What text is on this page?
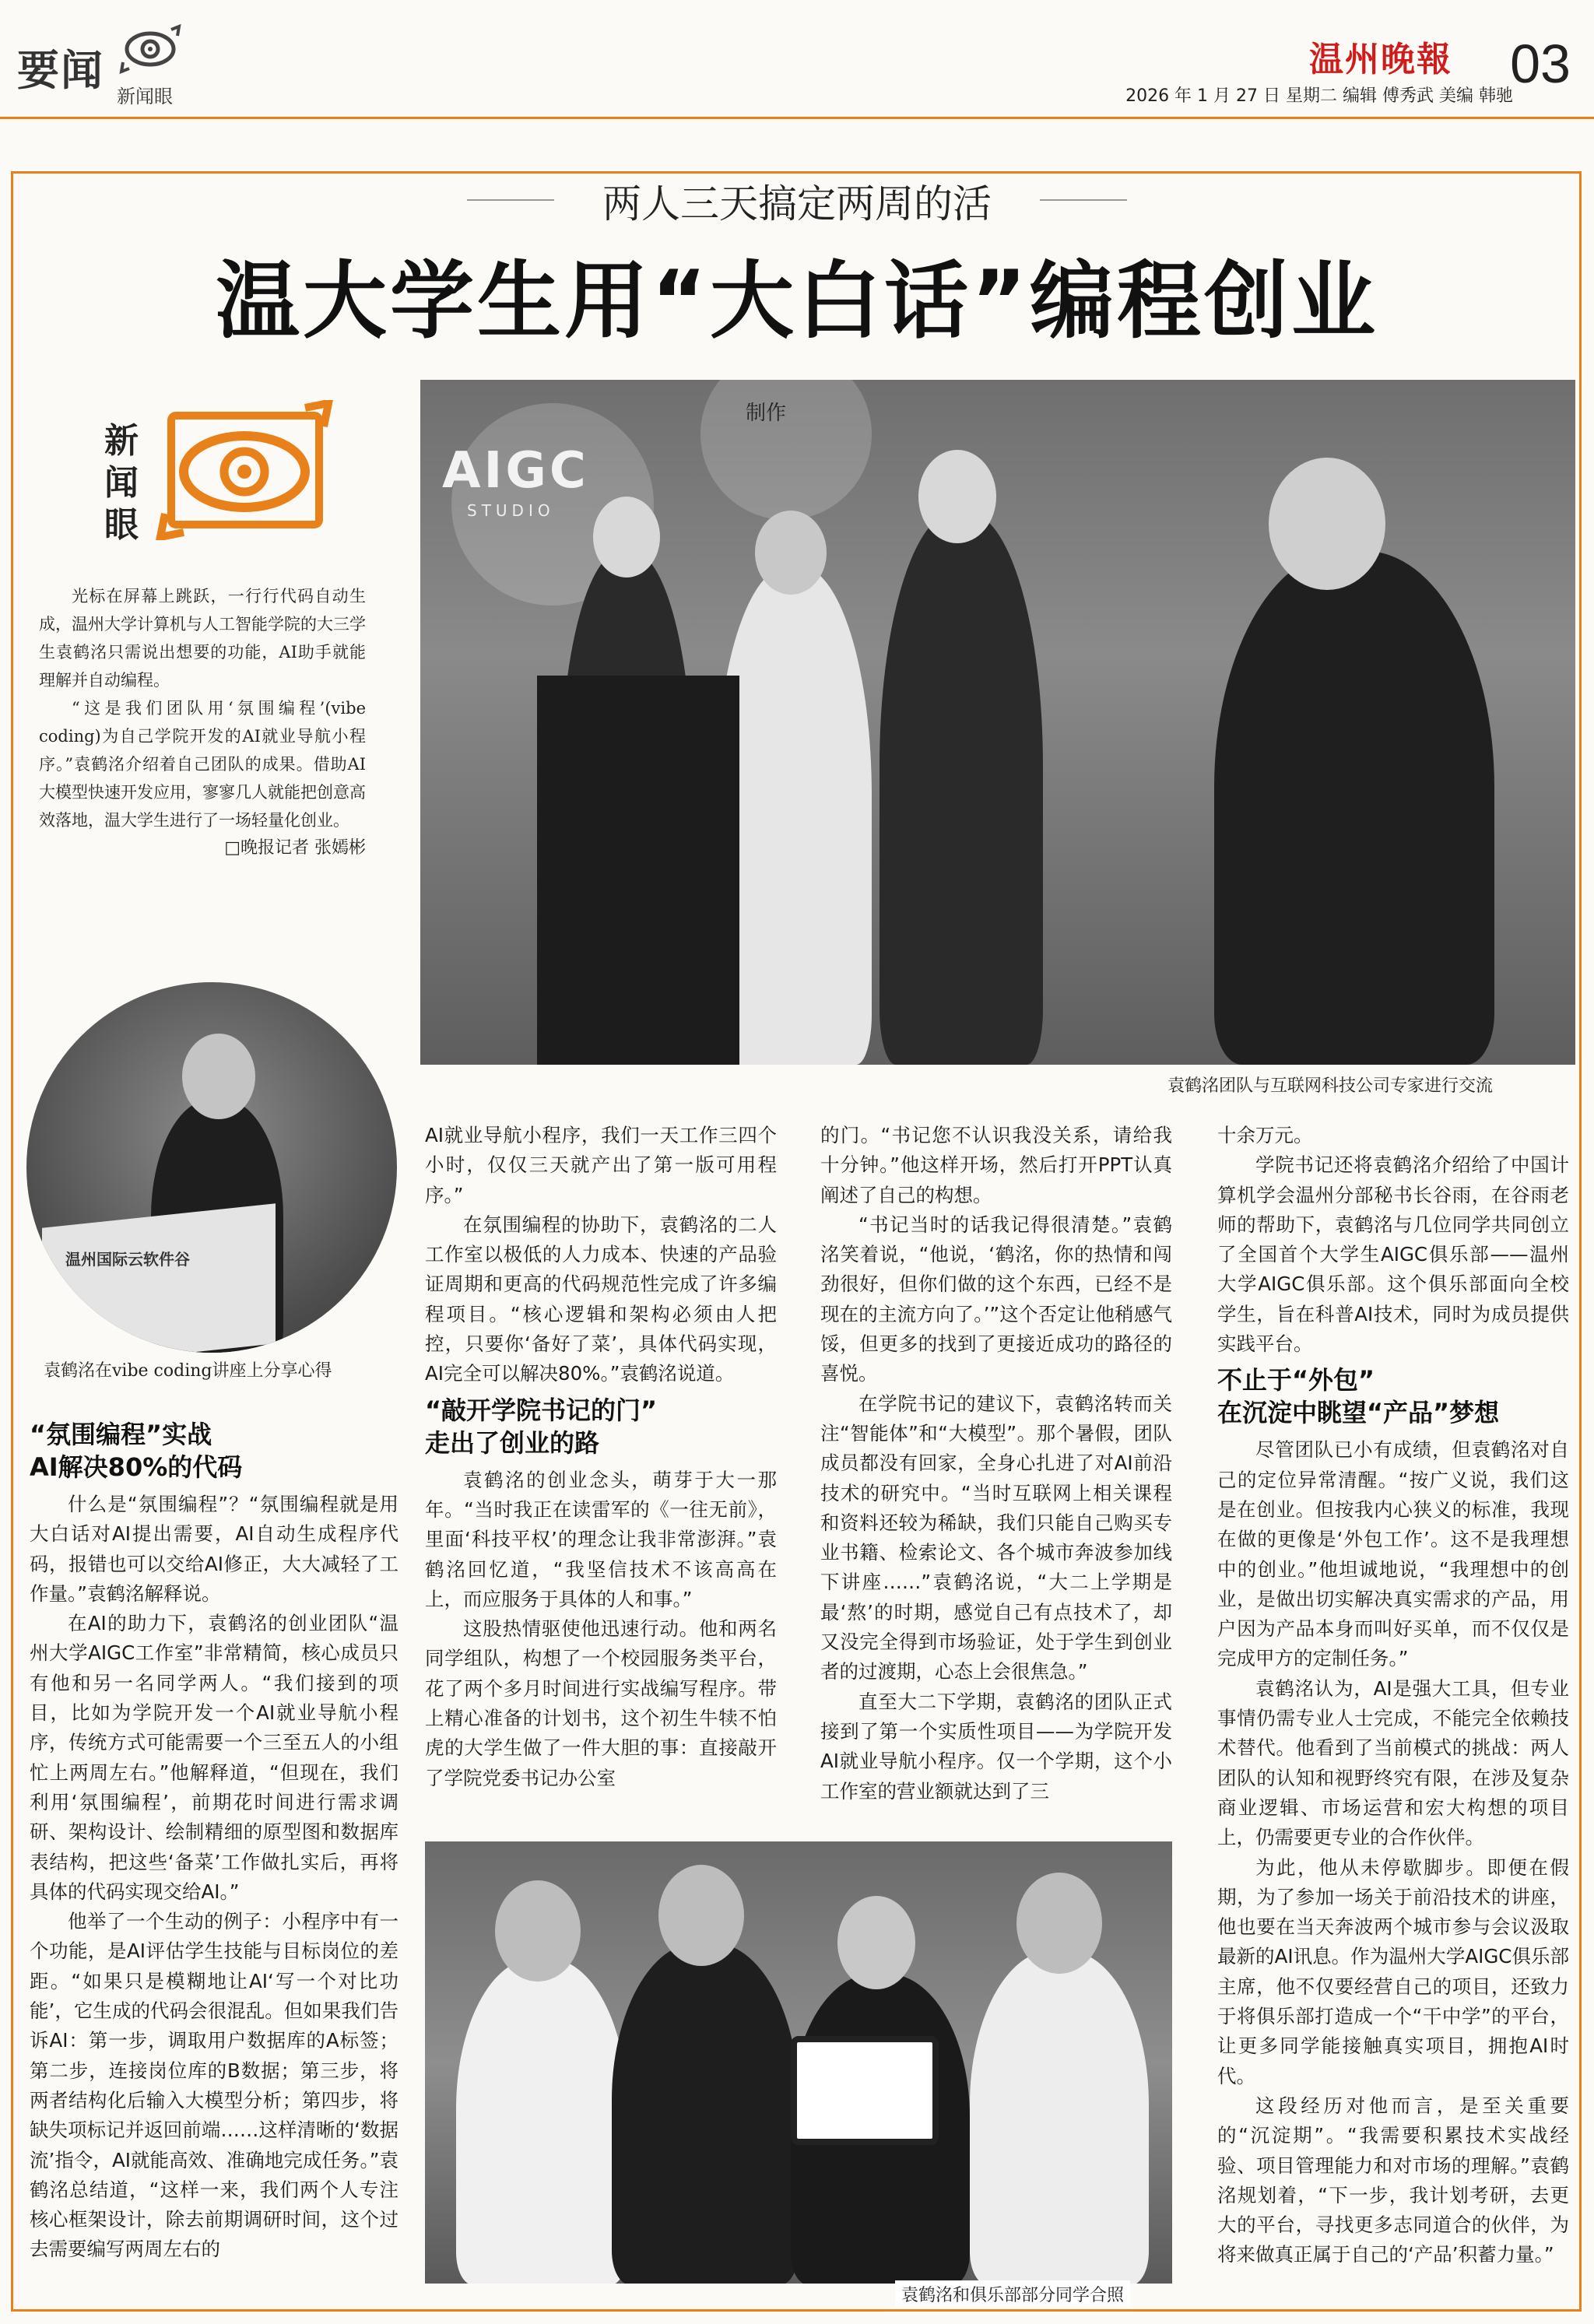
要闻
新闻眼
温州晚報 03
2026 年 1 月 27 日 星期二 编辑 傅秀武 美编 韩驰
两人三天搞定两周的活
温大学生用“大白话”编程创业
新
闻
眼

光标在屏幕上跳跃，一行行代码自动生成，温州大学计算机与人工智能学院的大三学生袁鹤洺只需说出想要的功能，AI助手就能理解并自动编程。

“这是我们团队用‘氛围编程’(vibe coding)为自己学院开发的AI就业导航小程序。”袁鹤洺介绍着自己团队的成果。借助AI大模型快速开发应用，寥寥几人就能把创意高效落地，温大学生进行了一场轻量化创业。

□晚报记者 张嫣彬
AIGC
STUDIO
制作
袁鹤洺团队与互联网科技公司专家进行交流
温州国际云软件谷
袁鹤洺在vibe coding讲座上分享心得
袁鹤洺和俱乐部部分同学合照
“氛围编程”实战
AI解决80%的代码

什么是“氛围编程”？“氛围编程就是用大白话对AI提出需要，AI自动生成程序代码，报错也可以交给AI修正，大大减轻了工作量。”袁鹤洺解释说。

在AI的助力下，袁鹤洺的创业团队“温州大学AIGC工作室”非常精简，核心成员只有他和另一名同学两人。“我们接到的项目，比如为学院开发一个AI就业导航小程序，传统方式可能需要一个三至五人的小组忙上两周左右。”他解释道，“但现在，我们利用‘氛围编程’，前期花时间进行需求调研、架构设计、绘制精细的原型图和数据库表结构，把这些‘备菜’工作做扎实后，再将具体的代码实现交给AI。”

他举了一个生动的例子：小程序中有一个功能，是AI评估学生技能与目标岗位的差距。“如果只是模糊地让AI‘写一个对比功能’，它生成的代码会很混乱。但如果我们告诉AI：第一步，调取用户数据库的A标签；第二步，连接岗位库的B数据；第三步，将两者结构化后输入大模型分析；第四步，将缺失项标记并返回前端……这样清晰的‘数据流’指令，AI就能高效、准确地完成任务。”袁鹤洺总结道，“这样一来，我们两个人专注核心框架设计，除去前期调研时间，这个过去需要编写两周左右的

AI就业导航小程序，我们一天工作三四个小时，仅仅三天就产出了第一版可用程序。”

在氛围编程的协助下，袁鹤洺的二人工作室以极低的人力成本、快速的产品验证周期和更高的代码规范性完成了许多编程项目。“核心逻辑和架构必须由人把控，只要你‘备好了菜’，具体代码实现，AI完全可以解决80%。”袁鹤洺说道。

“敲开学院书记的门”
走出了创业的路

袁鹤洺的创业念头，萌芽于大一那年。“当时我正在读雷军的《一往无前》，里面‘科技平权’的理念让我非常澎湃。”袁鹤洺回忆道，“我坚信技术不该高高在上，而应服务于具体的人和事。”

这股热情驱使他迅速行动。他和两名同学组队，构想了一个校园服务类平台，花了两个多月时间进行实战编写程序。带上精心准备的计划书，这个初生牛犊不怕虎的大学生做了一件大胆的事：直接敲开了学院党委书记办公室

的门。“书记您不认识我没关系，请给我十分钟。”他这样开场，然后打开PPT认真阐述了自己的构想。

“书记当时的话我记得很清楚。”袁鹤洺笑着说，“他说，‘鹤洺，你的热情和闯劲很好，但你们做的这个东西，已经不是现在的主流方向了。’”这个否定让他稍感气馁，但更多的找到了更接近成功的路径的喜悦。

在学院书记的建议下，袁鹤洺转而关注“智能体”和“大模型”。那个暑假，团队成员都没有回家，全身心扎进了对AI前沿技术的研究中。“当时互联网上相关课程和资料还较为稀缺，我们只能自己购买专业书籍、检索论文、各个城市奔波参加线下讲座……”袁鹤洺说，“大二上学期是最‘熬’的时期，感觉自己有点技术了，却又没完全得到市场验证，处于学生到创业者的过渡期，心态上会很焦急。”

直至大二下学期，袁鹤洺的团队正式接到了第一个实质性项目——为学院开发AI就业导航小程序。仅一个学期，这个小工作室的营业额就达到了三

十余万元。

学院书记还将袁鹤洺介绍给了中国计算机学会温州分部秘书长谷雨，在谷雨老师的帮助下，袁鹤洺与几位同学共同创立了全国首个大学生AIGC俱乐部——温州大学AIGC俱乐部。这个俱乐部面向全校学生，旨在科普AI技术，同时为成员提供实践平台。

不止于“外包”
在沉淀中眺望“产品”梦想

尽管团队已小有成绩，但袁鹤洺对自己的定位异常清醒。“按广义说，我们这是在创业。但按我内心狭义的标准，我现在做的更像是‘外包工作’。这不是我理想中的创业。”他坦诚地说，“我理想中的创业，是做出切实解决真实需求的产品，用户因为产品本身而叫好买单，而不仅仅是完成甲方的定制任务。”

袁鹤洺认为，AI是强大工具，但专业事情仍需专业人士完成，不能完全依赖技术替代。他看到了当前模式的挑战：两人团队的认知和视野终究有限，在涉及复杂商业逻辑、市场运营和宏大构想的项目上，仍需要更专业的合作伙伴。

为此，他从未停歇脚步。即便在假期，为了参加一场关于前沿技术的讲座，他也要在当天奔波两个城市参与会议汲取最新的AI讯息。作为温州大学AIGC俱乐部主席，他不仅要经营自己的项目，还致力于将俱乐部打造成一个“干中学”的平台，让更多同学能接触真实项目，拥抱AI时代。

这段经历对他而言，是至关重要的“沉淀期”。“我需要积累技术实战经验、项目管理能力和对市场的理解。”袁鹤洺规划着，“下一步，我计划考研，去更大的平台，寻找更多志同道合的伙伴，为将来做真正属于自己的‘产品’积蓄力量。”
